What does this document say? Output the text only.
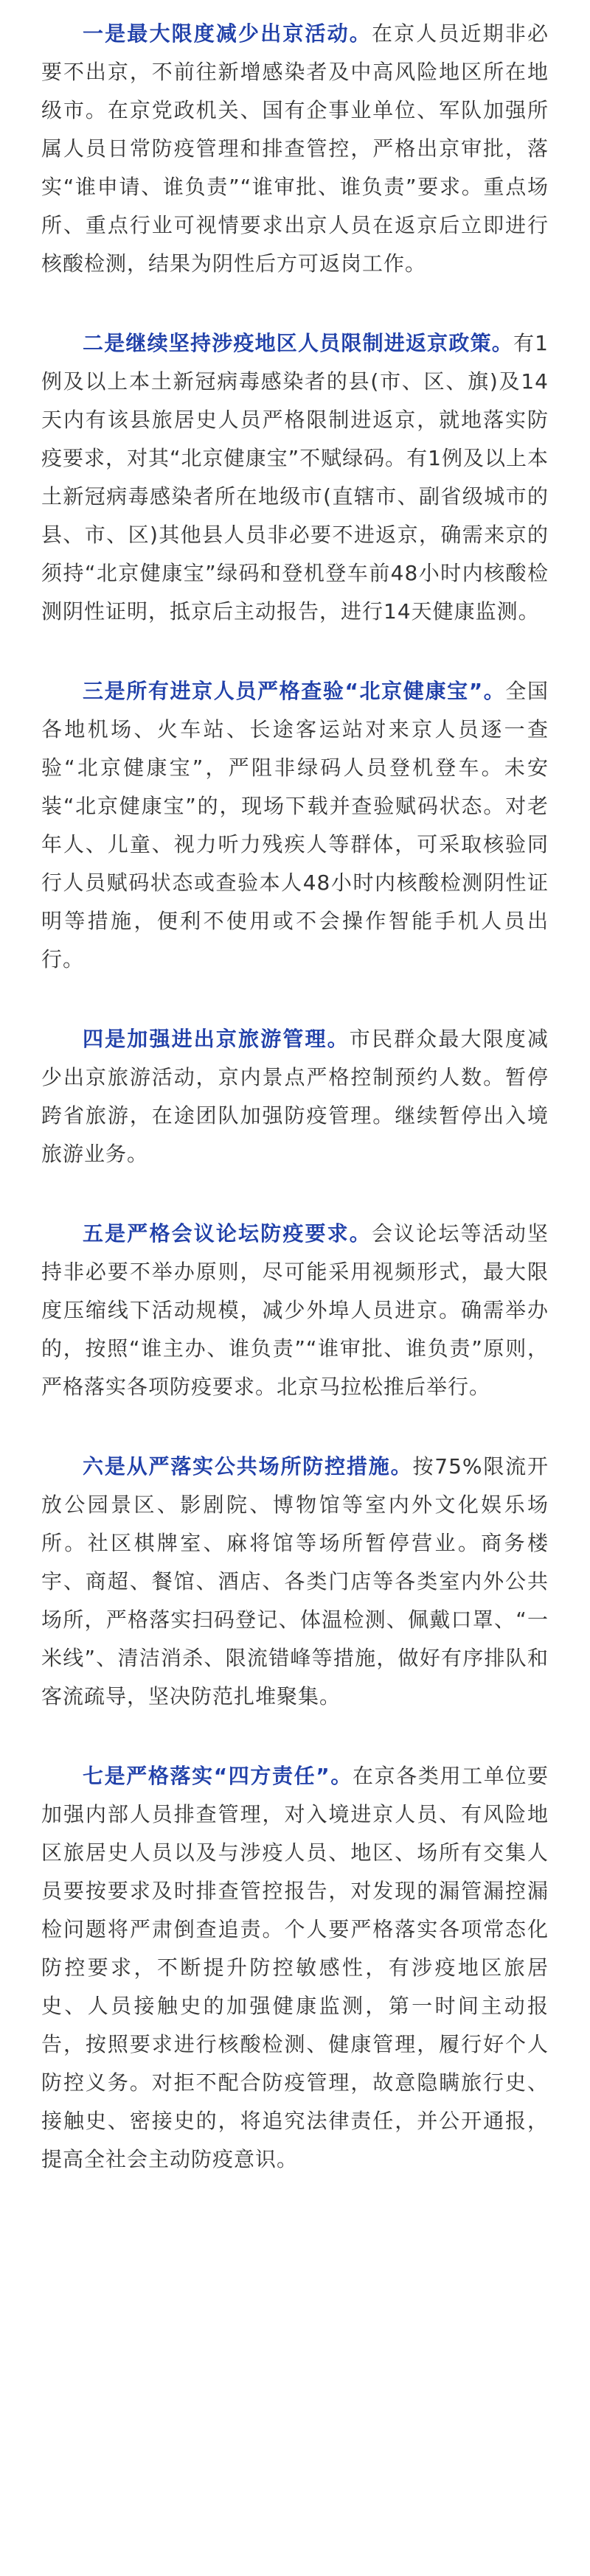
一是最大限度减少出京活动。在京人员近期非必要不出京，不前往新增感染者及中高风险地区所在地级市。在京党政机关、国有企事业单位、军队加强所属人员日常防疫管理和排查管控，严格出京审批，落实“谁申请、谁负责”“谁审批、谁负责”要求。重点场所、重点行业可视情要求出京人员在返京后立即进行核酸检测，结果为阴性后方可返岗工作。

二是继续坚持涉疫地区人员限制进返京政策。有1例及以上本土新冠病毒感染者的县(市、区、旗)及14天内有该县旅居史人员严格限制进返京，就地落实防疫要求，对其“北京健康宝”不赋绿码。有1例及以上本土新冠病毒感染者所在地级市(直辖市、副省级城市的县、市、区)其他县人员非必要不进返京，确需来京的须持“北京健康宝”绿码和登机登车前48小时内核酸检测阴性证明，抵京后主动报告，进行14天健康监测。

三是所有进京人员严格查验“北京健康宝”。全国各地机场、火车站、长途客运站对来京人员逐一查验“北京健康宝”，严阻非绿码人员登机登车。未安装“北京健康宝”的，现场下载并查验赋码状态。对老年人、儿童、视力听力残疾人等群体，可采取核验同行人员赋码状态或查验本人48小时内核酸检测阴性证明等措施，便利不使用或不会操作智能手机人员出行。

四是加强进出京旅游管理。市民群众最大限度减少出京旅游活动，京内景点严格控制预约人数。暂停跨省旅游，在途团队加强防疫管理。继续暂停出入境旅游业务。

五是严格会议论坛防疫要求。会议论坛等活动坚持非必要不举办原则，尽可能采用视频形式，最大限度压缩线下活动规模，减少外埠人员进京。确需举办的，按照“谁主办、谁负责”“谁审批、谁负责”原则，严格落实各项防疫要求。北京马拉松推后举行。

六是从严落实公共场所防控措施。按75%限流开放公园景区、影剧院、博物馆等室内外文化娱乐场所。社区棋牌室、麻将馆等场所暂停营业。商务楼宇、商超、餐馆、酒店、各类门店等各类室内外公共场所，严格落实扫码登记、体温检测、佩戴口罩、“一米线”、清洁消杀、限流错峰等措施，做好有序排队和客流疏导，坚决防范扎堆聚集。

七是严格落实“四方责任”。在京各类用工单位要加强内部人员排查管理，对入境进京人员、有风险地区旅居史人员以及与涉疫人员、地区、场所有交集人员要按要求及时排查管控报告，对发现的漏管漏控漏检问题将严肃倒查追责。个人要严格落实各项常态化防控要求，不断提升防控敏感性，有涉疫地区旅居史、人员接触史的加强健康监测，第一时间主动报告，按照要求进行核酸检测、健康管理，履行好个人防控义务。对拒不配合防疫管理，故意隐瞒旅行史、接触史、密接史的，将追究法律责任，并公开通报，提高全社会主动防疫意识。
